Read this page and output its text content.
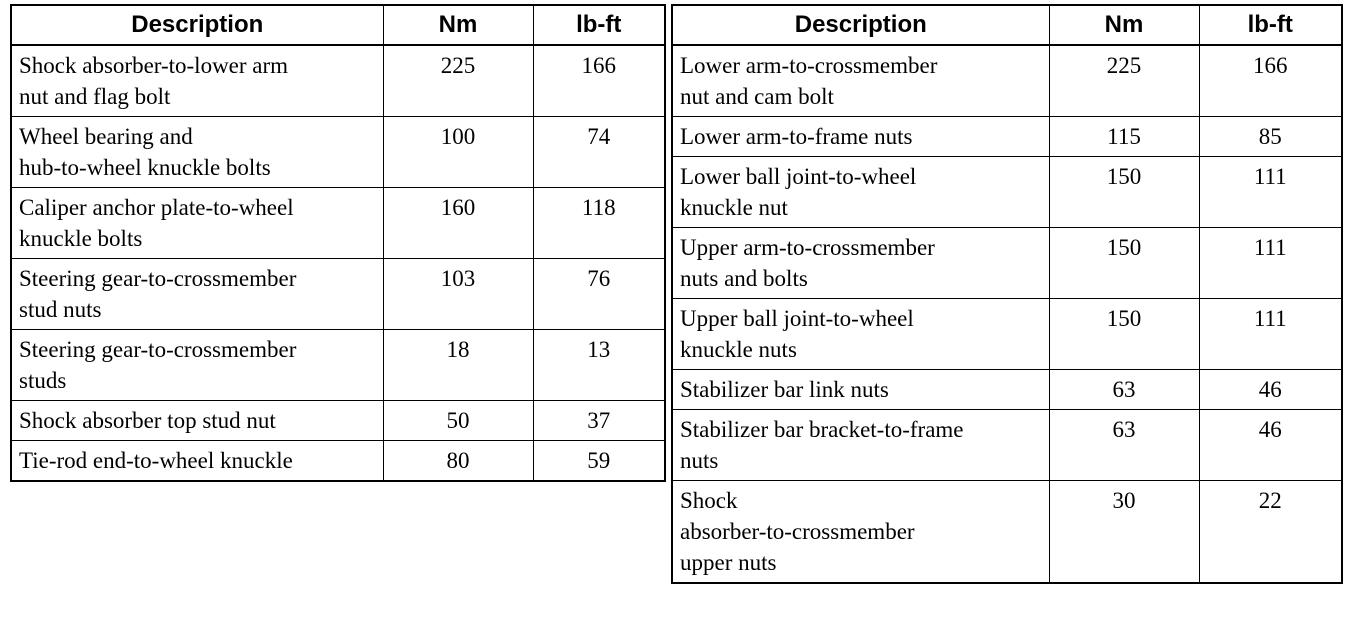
Description	Nm	lb-ft

Shock absorber-to-lower arm
nut and flag bolt	225	166

Wheel bearing and
hub-to-wheel knuckle bolts	100	74

Caliper anchor plate-to-wheel
knuckle bolts	160	118

Steering gear-to-crossmember
stud nuts	103	76

Steering gear-to-crossmember
studs	18	13

Shock absorber top stud nut	50	37

Tie-rod end-to-wheel knuckle	80	59
Description	Nm	lb-ft

Lower arm-to-crossmember
nut and cam bolt	225	166

Lower arm-to-frame nuts	115	85

Lower ball joint-to-wheel
knuckle nut	150	111

Upper arm-to-crossmember
nuts and bolts	150	111

Upper ball joint-to-wheel
knuckle nuts	150	111

Stabilizer bar link nuts	63	46

Stabilizer bar bracket-to-frame
nuts	63	46

Shock
absorber-to-crossmember
upper nuts	30	22
